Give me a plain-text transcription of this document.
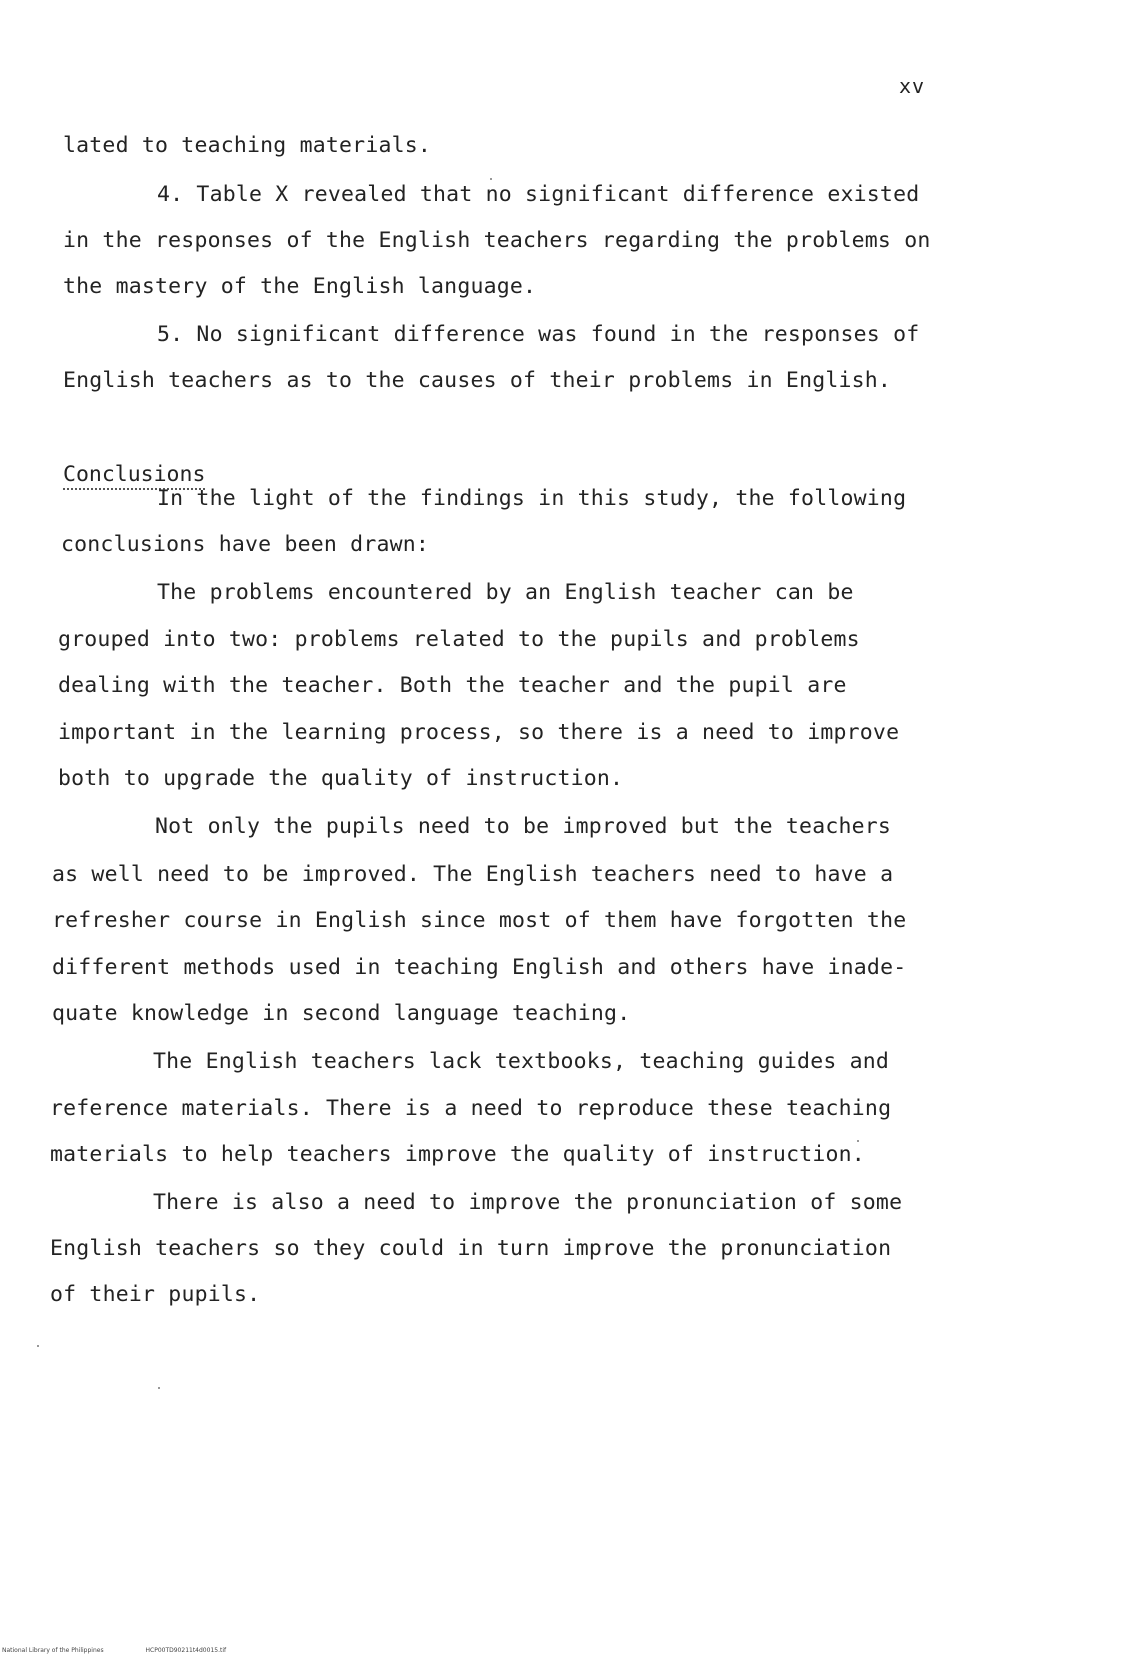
xv
lated to teaching materials.
4. Table X revealed that no significant difference existed
in the responses of the English teachers regarding the problems on
the mastery of the English language.
5. No significant difference was found in the responses of
English teachers as to the causes of their problems in English.
Conclusions
In the light of the findings in this study, the following
conclusions have been drawn:
The problems encountered by an English teacher can be
grouped into two: problems related to the pupils and problems
dealing with the teacher. Both the teacher and the pupil are
important in the learning process, so there is a need to improve
both to upgrade the quality of instruction.
Not only the pupils need to be improved but the teachers
as well need to be improved. The English teachers need to have a
refresher course in English since most of them have forgotten the
different methods used in teaching English and others have inade-
quate knowledge in second language teaching.
The English teachers lack textbooks, teaching guides and
reference materials. There is a need to reproduce these teaching
materials to help teachers improve the quality of instruction.
There is also a need to improve the pronunciation of some
English teachers so they could in turn improve the pronunciation
of their pupils.
National Library of the Philippines	HCP00TD90211t4d0015.tif
